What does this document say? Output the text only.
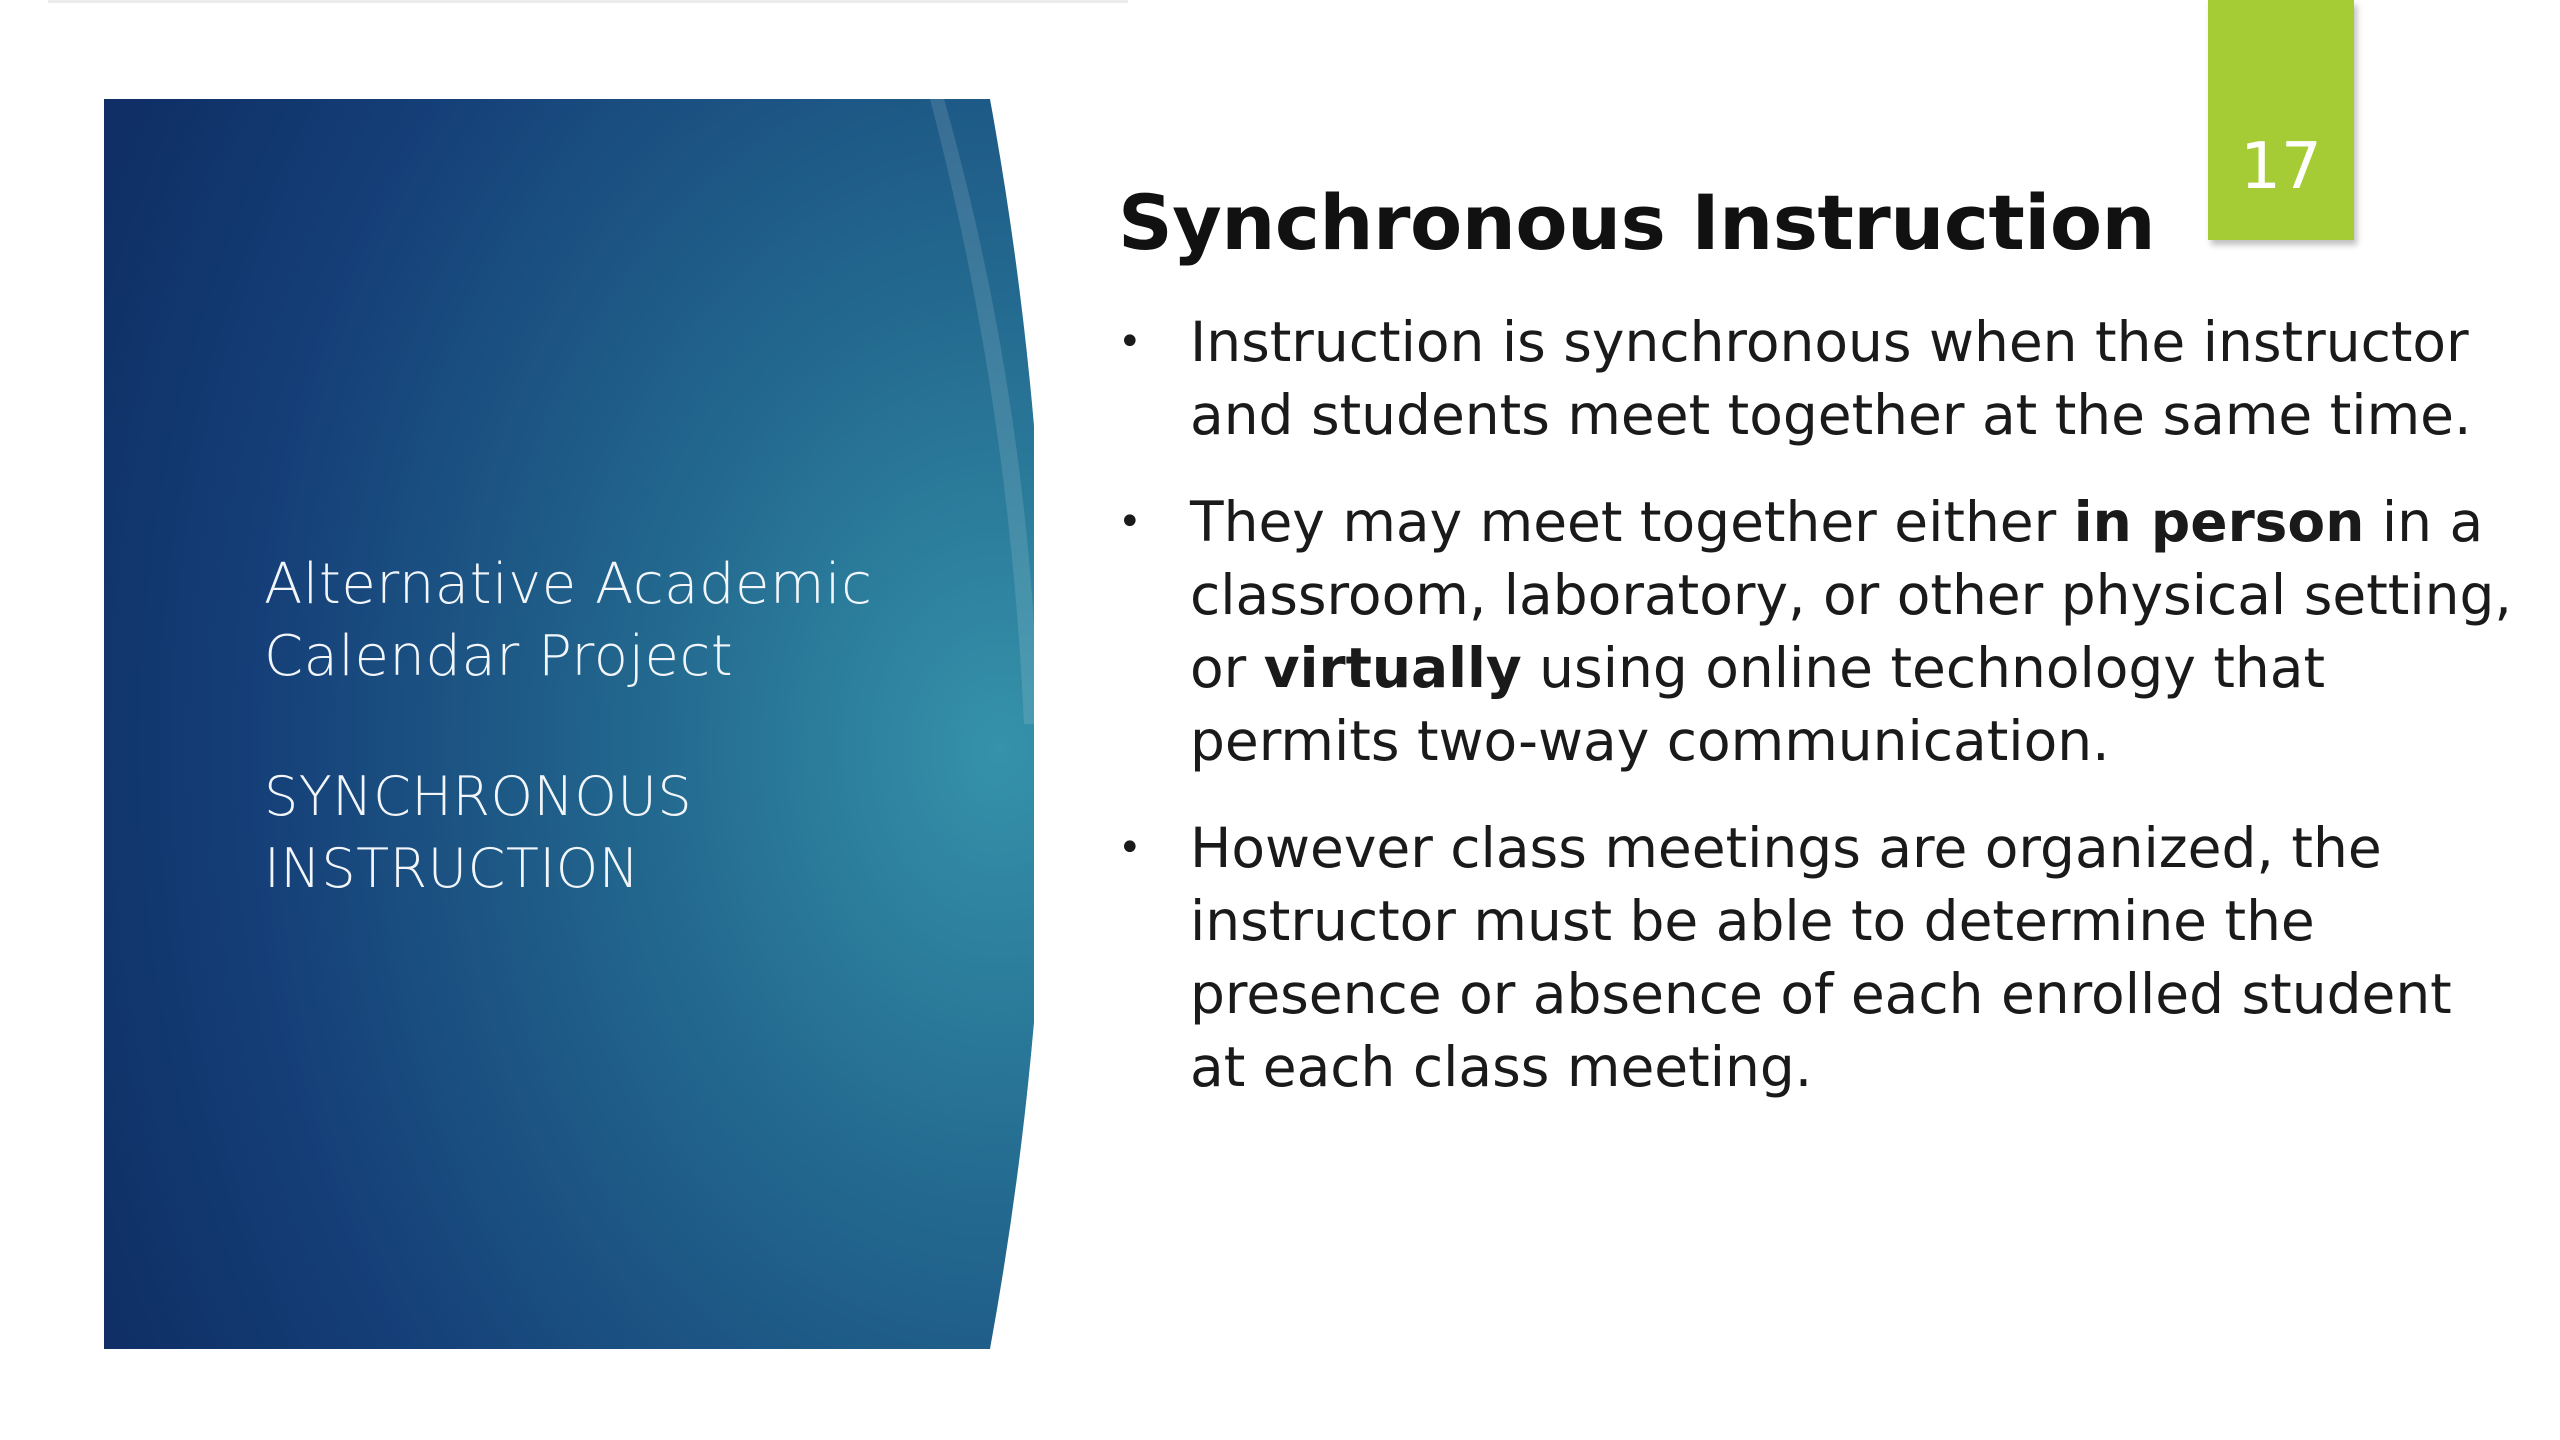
Alternative Academic
Calendar Project
SYNCHRONOUS
INSTRUCTION
17
Synchronous Instruction
• Instruction is synchronous when the instructor and students meet together at the same time.
• They may meet together either in person in a classroom, laboratory, or other physical setting, or virtually using online technology that permits two-way communication.
• However class meetings are organized, the instructor must be able to determine the presence or absence of each enrolled student at each class meeting.
